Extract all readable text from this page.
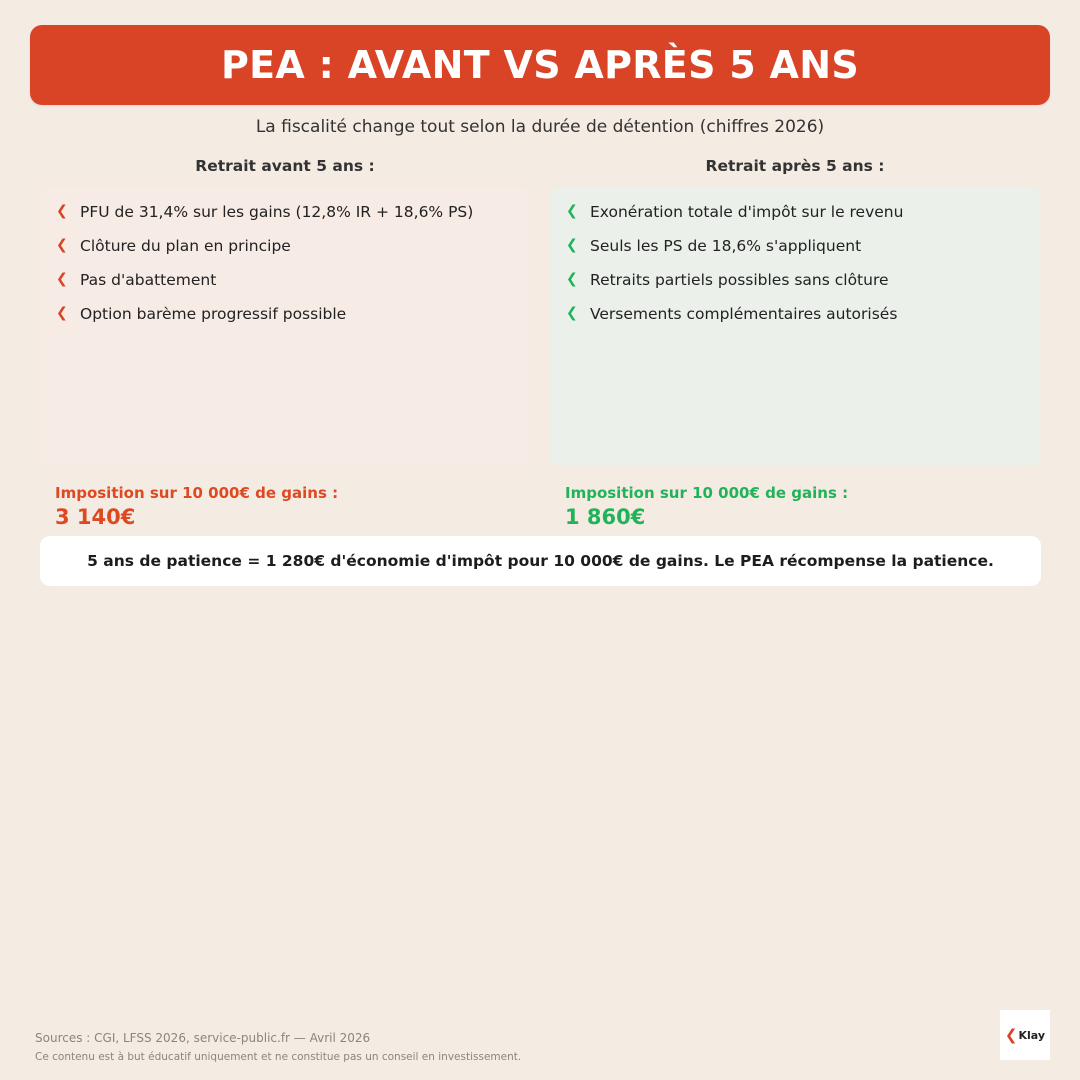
PEA : AVANT VS APRÈS 5 ANS
La fiscalité change tout selon la durée de détention (chiffres 2026)
Retrait avant 5 ans :	Retrait après 5 ans :
❮ PFU de 31,4% sur les gains (12,8% IR + 18,6% PS)
❮ Clôture du plan en principe
❮ Pas d'abattement
❮ Option barème progressif possible
❮ Exonération totale d'impôt sur le revenu
❮ Seuls les PS de 18,6% s'appliquent
❮ Retraits partiels possibles sans clôture
❮ Versements complémentaires autorisés
Imposition sur 10 000€ de gains :
3 140€
Imposition sur 10 000€ de gains :
1 860€
5 ans de patience = 1 280€ d'économie d'impôt pour 10 000€ de gains. Le PEA récompense la patience.
Sources : CGI, LFSS 2026, service-public.fr — Avril 2026
Ce contenu est à but éducatif uniquement et ne constitue pas un conseil en investissement.
❮ Klay
